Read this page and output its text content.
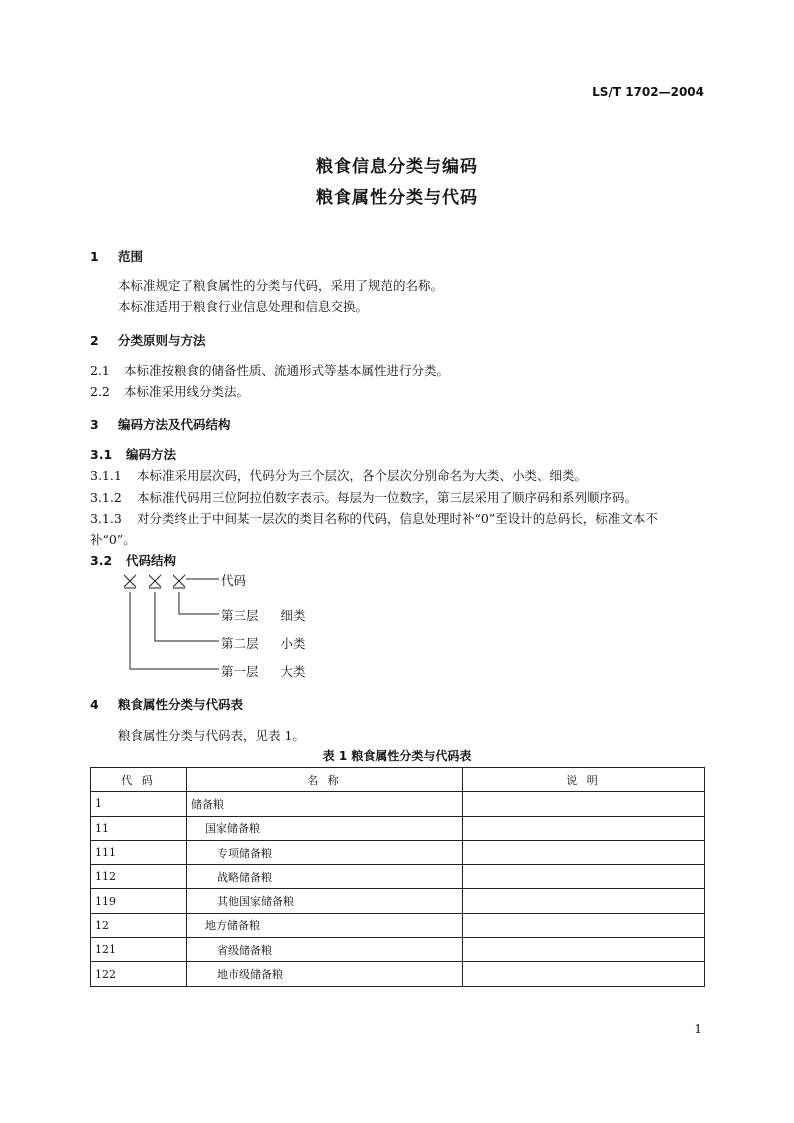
LS/T 1702—2004
粮食信息分类与编码
粮食属性分类与代码
1 范围
本标准规定了粮食属性的分类与代码，采用了规范的名称。
本标准适用于粮食行业信息处理和信息交换。
2 分类原则与方法
2.1 本标准按粮食的储备性质、流通形式等基本属性进行分类。
2.2 本标准采用线分类法。
3 编码方法及代码结构
3.1 编码方法
3.1.1 本标准采用层次码，代码分为三个层次，各个层次分别命名为大类、小类、细类。
3.1.2 本标准代码用三位阿拉伯数字表示。每层为一位数字，第三层采用了顺序码和系列顺序码。
3.1.3 对分类终止于中间某一层次的类目名称的代码，信息处理时补“0”至设计的总码长，标准文本不
补“0”。
3.2 代码结构
代码
第三层 细类
第二层 小类
第一层 大类
4 粮食属性分类与代码表
粮食属性分类与代码表，见表 1。
表 1 粮食属性分类与代码表
代 码	名 称	说 明
1	储备粮	
11	国家储备粮	
111	专项储备粮	
112	战略储备粮	
119	其他国家储备粮	
12	地方储备粮	
121	省级储备粮	
122	地市级储备粮	
1
